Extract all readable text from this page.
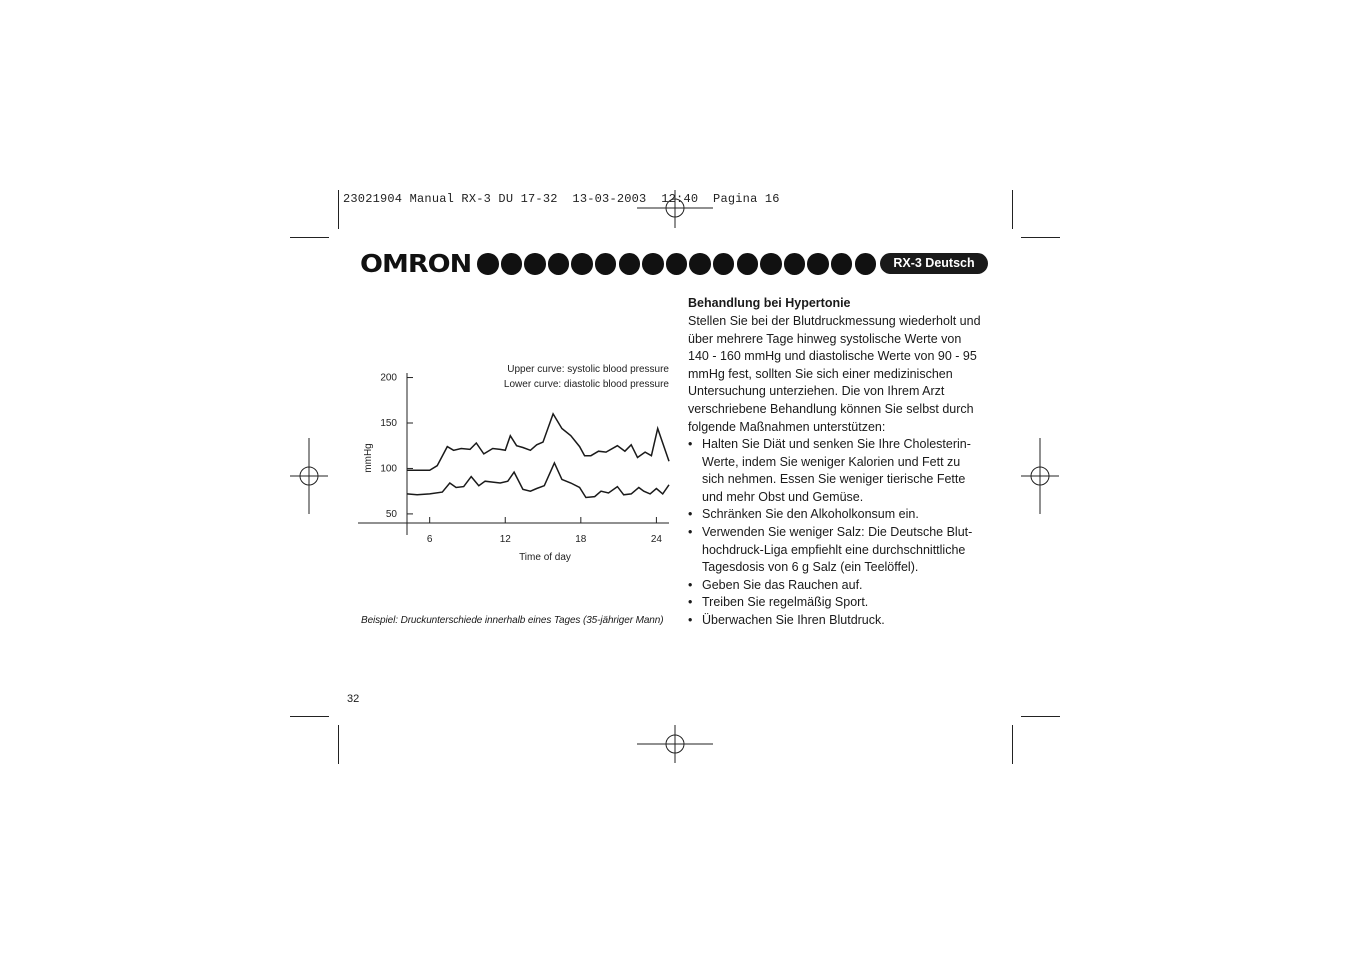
23021904 Manual RX-3 DU 17-32  13-03-2003  12:40  Pagina 16
OMRON	RX-3 Deutsch
50
100
150
200
6	12	18	24
Time of day
mmHg
Upper curve: systolic blood pressure
Lower curve: diastolic blood pressure
Beispiel: Druckunterschiede innerhalb eines Tages (35-jähriger Mann)
Behandlung bei Hypertonie
Stellen Sie bei der Blutdruckmessung wiederholt und
über mehrere Tage hinweg systolische Werte von
140 - 160 mmHg und diastolische Werte von 90 - 95
mmHg fest, sollten Sie sich einer medizinischen
Untersuchung unterziehen. Die von Ihrem Arzt
verschriebene Behandlung können Sie selbst durch
folgende Maßnahmen unterstützen:
• Halten Sie Diät und senken Sie Ihre Cholesterin-
Werte, indem Sie weniger Kalorien und Fett zu
sich nehmen. Essen Sie weniger tierische Fette
und mehr Obst und Gemüse.
• Schränken Sie den Alkoholkonsum ein.
• Verwenden Sie weniger Salz: Die Deutsche Blut-
hochdruck-Liga empfiehlt eine durchschnittliche
Tagesdosis von 6 g Salz (ein Teelöffel).
• Geben Sie das Rauchen auf.
• Treiben Sie regelmäßig Sport.
• Überwachen Sie Ihren Blutdruck.
32
